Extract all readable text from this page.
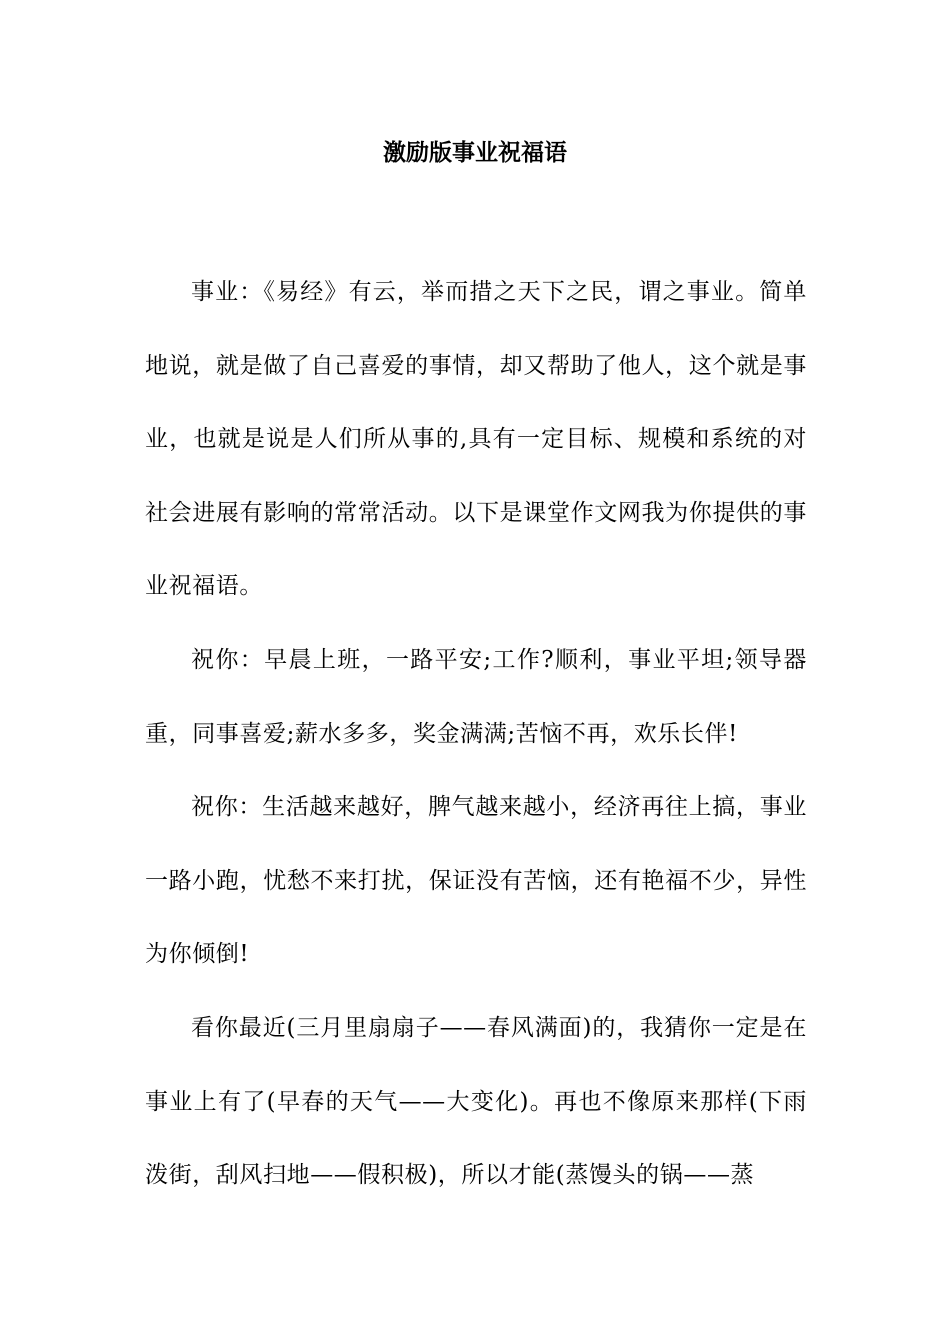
激励版事业祝福语

事业：《易经》有云，举而措之天下之民，谓之事业。简单地说，就是做了自己喜爱的事情，却又帮助了他人，这个就是事业，也就是说是人们所从事的,具有一定目标、规模和系统的对社会进展有影响的常常活动。以下是课堂作文网我为你提供的事业祝福语。

祝你：早晨上班，一路平安;工作?顺利，事业平坦;领导器重，同事喜爱;薪水多多，奖金满满;苦恼不再，欢乐长伴!

祝你：生活越来越好，脾气越来越小，经济再往上搞，事业一路小跑，忧愁不来打扰，保证没有苦恼，还有艳福不少，异性为你倾倒!

看你最近(三月里扇扇子——春风满面)的，我猜你一定是在事业上有了(早春的天气——大变化)。再也不像原来那样(下雨泼街，刮风扫地——假积极)，所以才能(蒸馒头的锅——蒸
